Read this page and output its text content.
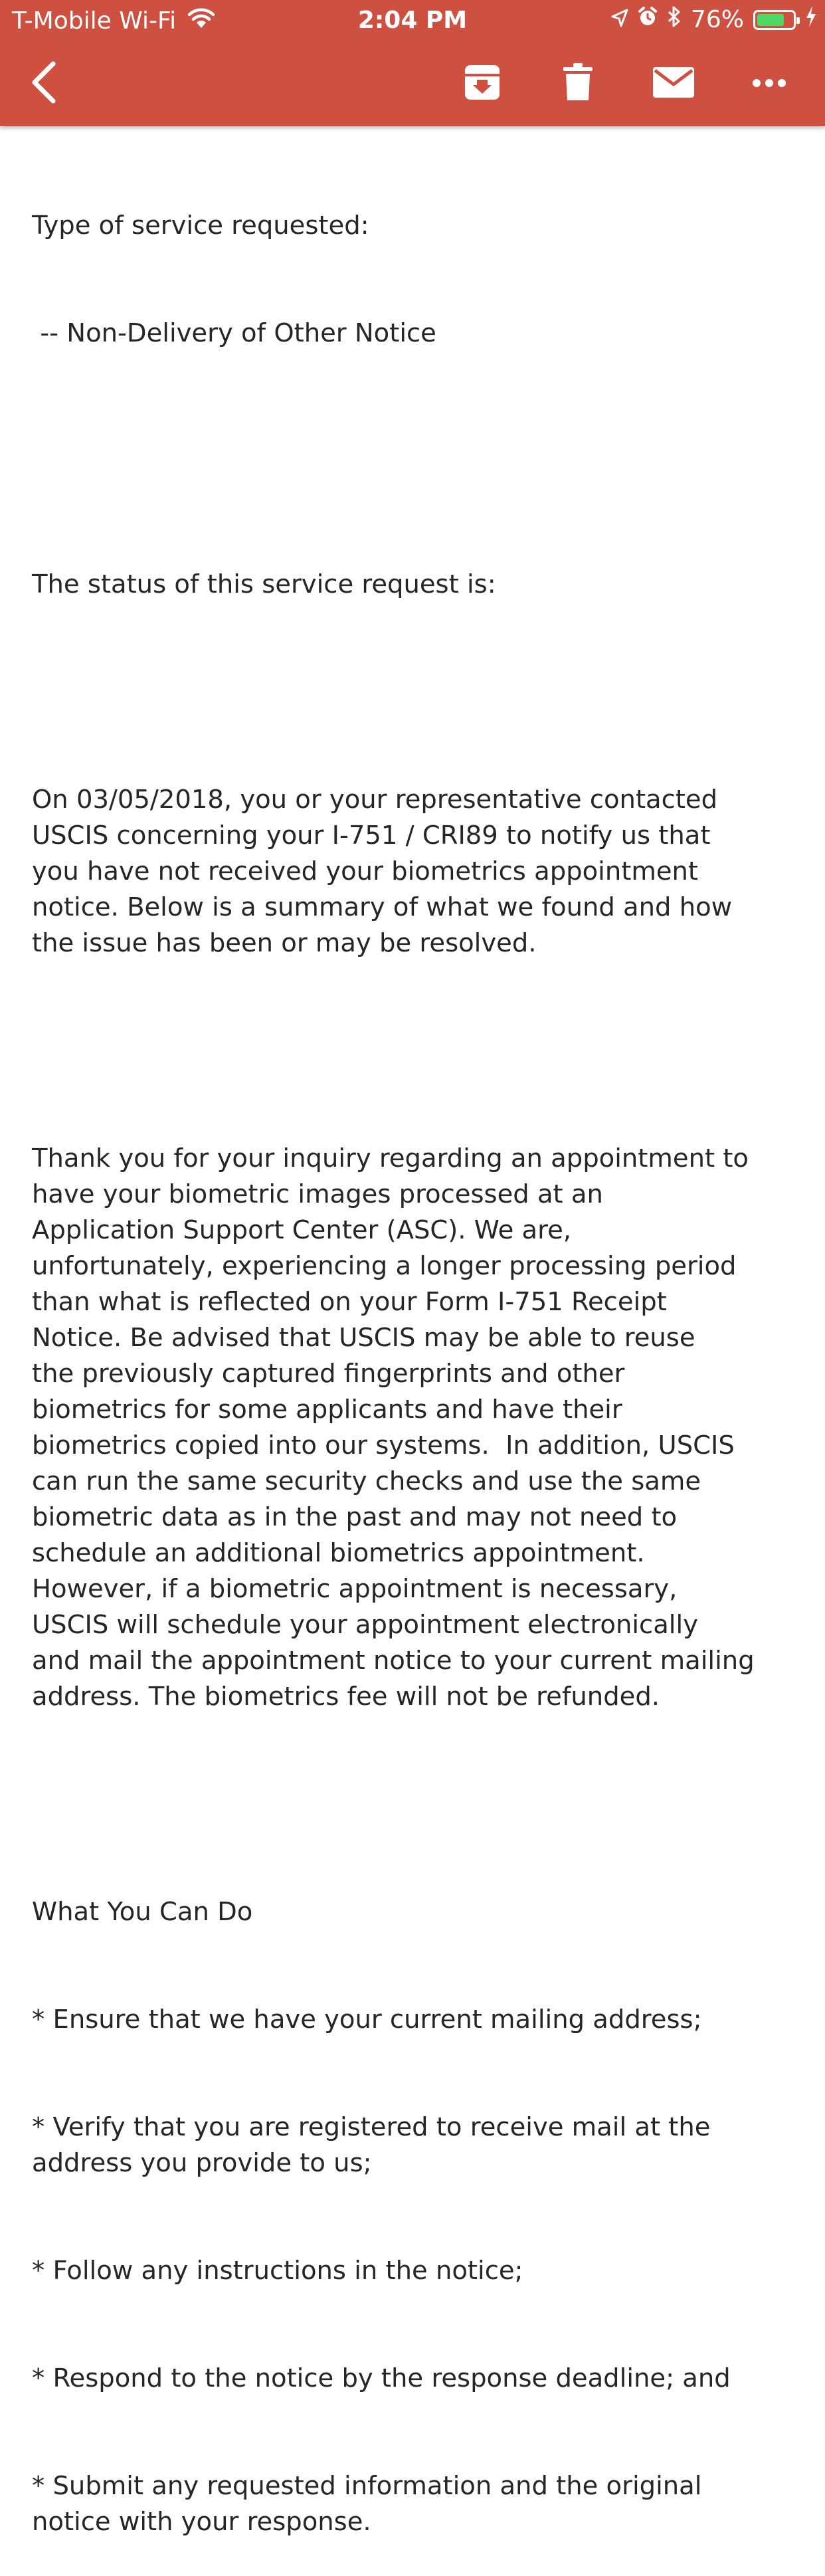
T-Mobile Wi-Fi	2:04 PM	76%

Type of service requested:

-- Non-Delivery of Other Notice

The status of this service request is:

On 03/05/2018, you or your representative contacted
USCIS concerning your I-751 / CRI89 to notify us that
you have not received your biometrics appointment
notice. Below is a summary of what we found and how
the issue has been or may be resolved.

Thank you for your inquiry regarding an appointment to
have your biometric images processed at an
Application Support Center (ASC). We are,
unfortunately, experiencing a longer processing period
than what is reflected on your Form I-751 Receipt
Notice. Be advised that USCIS may be able to reuse
the previously captured fingerprints and other
biometrics for some applicants and have their
biometrics copied into our systems.  In addition, USCIS
can run the same security checks and use the same
biometric data as in the past and may not need to
schedule an additional biometrics appointment.
However, if a biometric appointment is necessary,
USCIS will schedule your appointment electronically
and mail the appointment notice to your current mailing
address. The biometrics fee will not be refunded.

What You Can Do

* Ensure that we have your current mailing address;

* Verify that you are registered to receive mail at the
address you provide to us;

* Follow any instructions in the notice;

* Respond to the notice by the response deadline; and

* Submit any requested information and the original
notice with your response.
